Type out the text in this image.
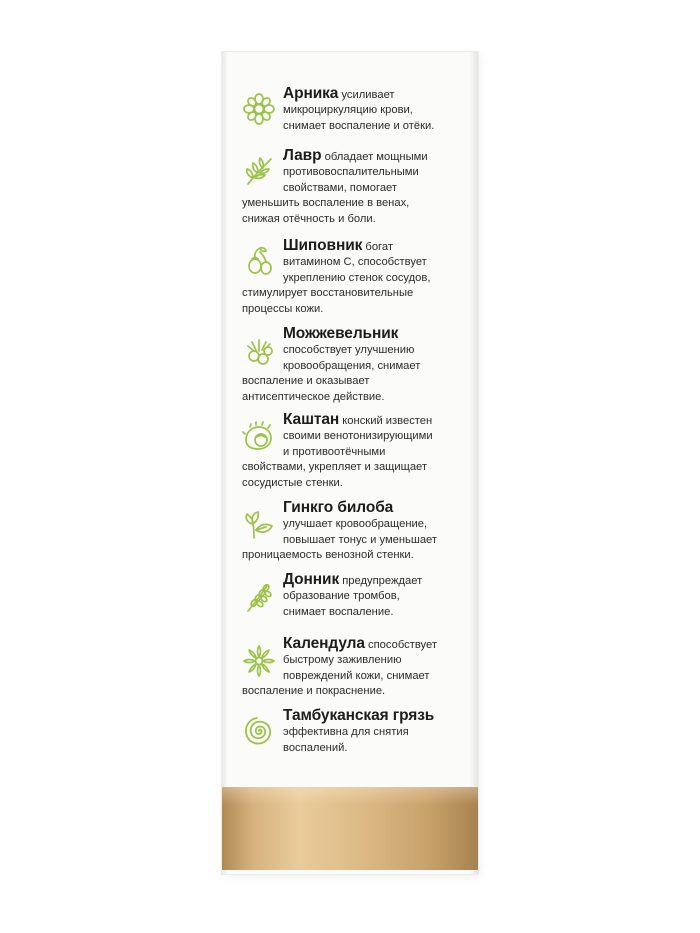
Арника усиливает
микроциркуляцию крови,
снимает воспаление и отёки.
Лавр обладает мощными
противовоспалительными
свойствами, помогает
уменьшить воспаление в венах,
снижая отёчность и боли.
Шиповник богат
витамином С, способствует
укреплению стенок сосудов,
стимулирует восстановительные
процессы кожи.
Можжевельник
способствует улучшению
кровообращения, снимает
воспаление и оказывает
антисептическое действие.
Каштан конский известен
своими венотонизирующими
и противоотёчными
свойствами, укрепляет и защищает
сосудистые стенки.
Гинкго билоба
улучшает кровообращение,
повышает тонус и уменьшает
проницаемость венозной стенки.
Донник предупреждает
образование тромбов,
снимает воспаление.
Календула способствует
быстрому заживлению
повреждений кожи, снимает
воспаление и покраснение.
Тамбуканская грязь
эффективна для снятия
воспалений.
